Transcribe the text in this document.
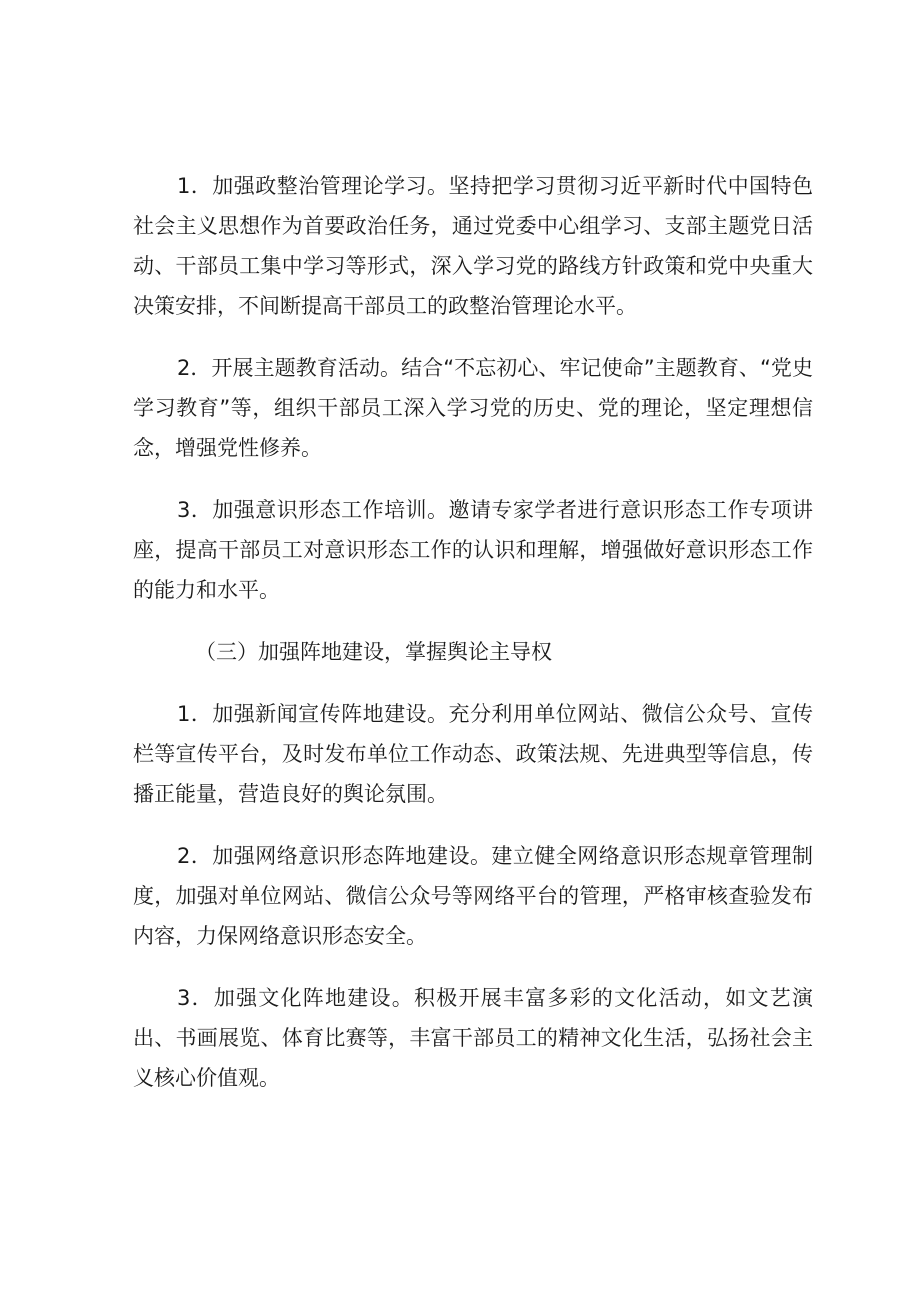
1．加强政整治管理论学习。坚持把学习贯彻习近平新时代中国特色社会主义思想作为首要政治任务，通过党委中心组学习、支部主题党日活动、干部员工集中学习等形式，深入学习党的路线方针政策和党中央重大决策安排，不间断提高干部员工的政整治管理论水平。

2．开展主题教育活动。结合“不忘初心、牢记使命”主题教育、“党史学习教育”等，组织干部员工深入学习党的历史、党的理论，坚定理想信念，增强党性修养。

3．加强意识形态工作培训。邀请专家学者进行意识形态工作专项讲座，提高干部员工对意识形态工作的认识和理解，增强做好意识形态工作的能力和水平。

（三）加强阵地建设，掌握舆论主导权

1．加强新闻宣传阵地建设。充分利用单位网站、微信公众号、宣传栏等宣传平台，及时发布单位工作动态、政策法规、先进典型等信息，传播正能量，营造良好的舆论氛围。

2．加强网络意识形态阵地建设。建立健全网络意识形态规章管理制度，加强对单位网站、微信公众号等网络平台的管理，严格审核查验发布内容，力保网络意识形态安全。

3．加强文化阵地建设。积极开展丰富多彩的文化活动，如文艺演出、书画展览、体育比赛等，丰富干部员工的精神文化生活，弘扬社会主义核心价值观。
